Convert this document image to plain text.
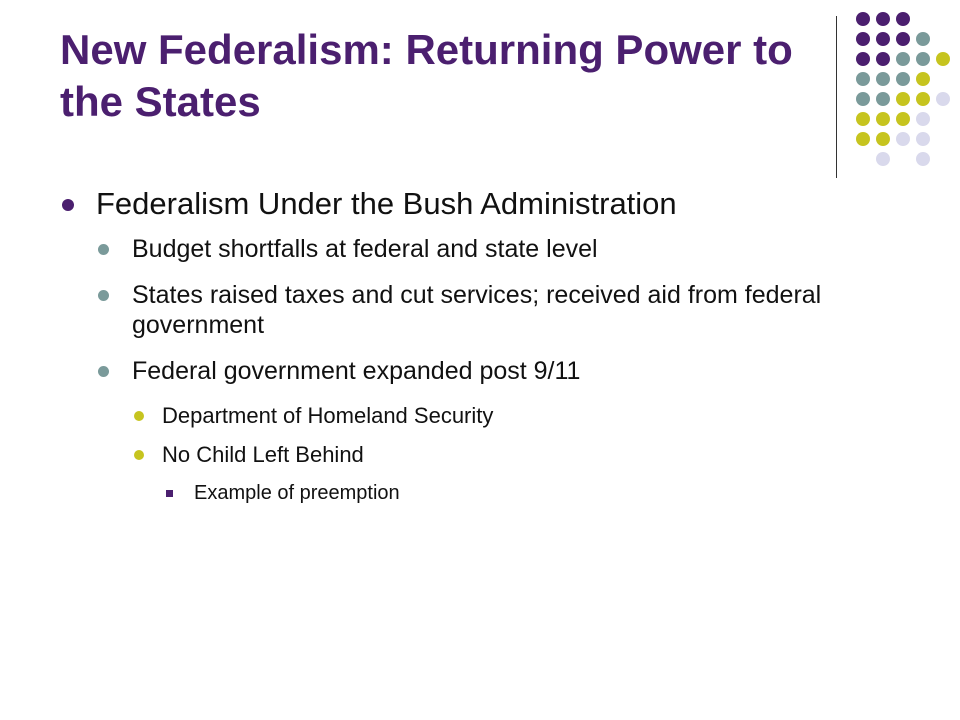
New Federalism: Returning Power to the States
Federalism Under the Bush Administration
Budget shortfalls at federal and state level
States raised taxes and cut services; received aid from federal government
Federal government expanded post 9/11
Department of Homeland Security
No Child Left Behind
Example of preemption
